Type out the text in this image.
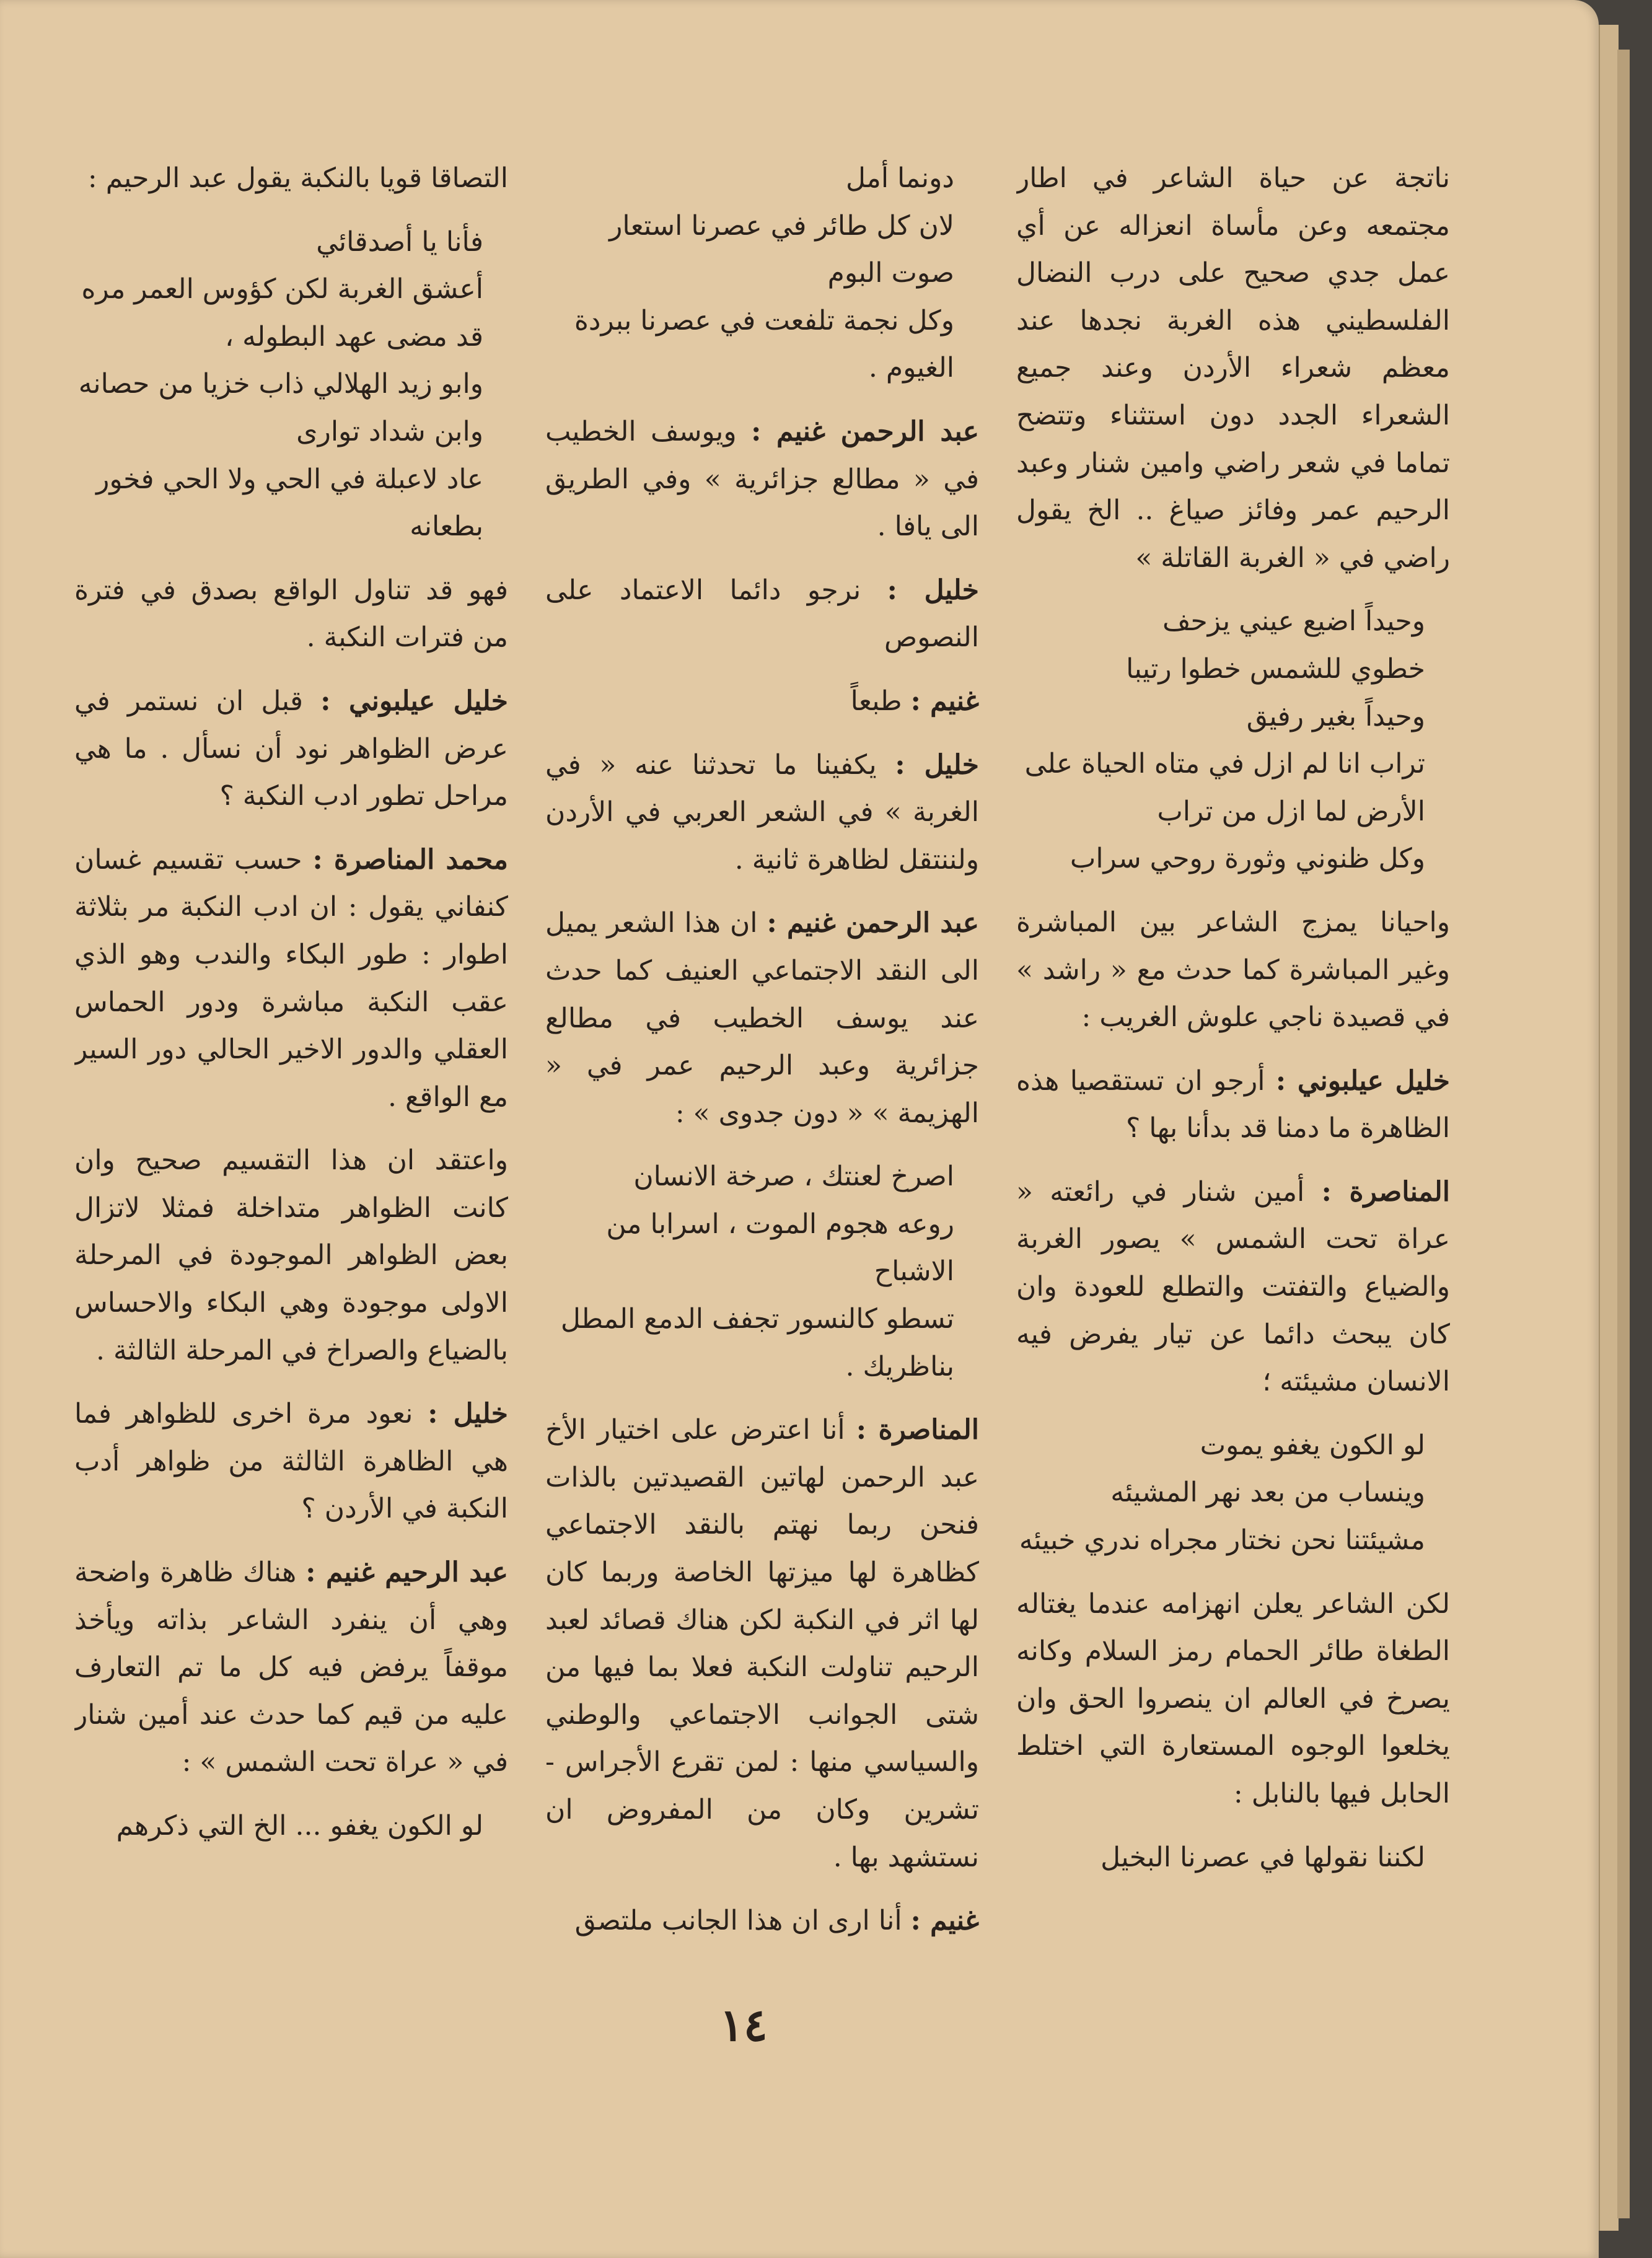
ناتجة عن حياة الشاعر في اطار مجتمعه وعن مأساة انعزاله عن أي عمل جدي صحيح على درب النضال الفلسطيني هذه الغربة نجدها عند معظم شعراء الأردن وعند جميع الشعراء الجدد دون استثناء وتتضح تماما في شعر راضي وامين شنار وعبد الرحيم عمر وفائز صياغ .. الخ يقول راضي في « الغربة القاتلة »
وحيداً اضيع عيني يزحف
خطوي للشمس خطوا رتيبا
وحيداً بغير رفيق
تراب انا لم ازل في متاه الحياة على
الأرض لما ازل من تراب
وكل ظنوني وثورة روحي سراب
واحيانا يمزج الشاعر بين المباشرة وغير المباشرة كما حدث مع « راشد » في قصيدة ناجي علوش الغريب :
خليل عيلبوني : أرجو ان تستقصيا هذه الظاهرة ما دمنا قد بدأنا بها ؟
المناصرة : أمين شنار في رائعته « عراة تحت الشمس » يصور الغربة والضياع والتفتت والتطلع للعودة وان كان يبحث دائما عن تيار يفرض فيه الانسان مشيئته ؛
لو الكون يغفو يموت
وينساب من بعد نهر المشيئه
مشيئتنا نحن نختار مجراه ندري خبيئه
لكن الشاعر يعلن انهزامه عندما يغتاله الطغاة طائر الحمام رمز السلام وكانه يصرخ في العالم ان ينصروا الحق وان يخلعوا الوجوه المستعارة التي اختلط الحابل فيها بالنابل :
لكننا نقولها في عصرنا البخيل
دونما أمل
لان كل طائر في عصرنا استعار
صوت البوم
وكل نجمة تلفعت في عصرنا ببردة
الغيوم .
عبد الرحمن غنيم : ويوسف الخطيب في « مطالع جزائرية » وفي الطريق الى يافا .
خليل : نرجو دائما الاعتماد على النصوص
غنيم : طبعاً
خليل : يكفينا ما تحدثنا عنه « في الغربة » في الشعر العربي في الأردن ولننتقل لظاهرة ثانية .
عبد الرحمن غنيم : ان هذا الشعر يميل الى النقد الاجتماعي العنيف كما حدث عند يوسف الخطيب في مطالع جزائرية وعبد الرحيم عمر في « الهزيمة » « دون جدوى » :
اصرخ لعنتك ، صرخة الانسان
روعه هجوم الموت ، اسرابا من
الاشباح
تسطو كالنسور تجفف الدمع المطل
بناظريك .
المناصرة : أنا اعترض على اختيار الأخ عبد الرحمن لهاتين القصيدتين بالذات فنحن ربما نهتم بالنقد الاجتماعي كظاهرة لها ميزتها الخاصة وربما كان لها اثر في النكبة لكن هناك قصائد لعبد الرحيم تناولت النكبة فعلا بما فيها من شتى الجوانب الاجتماعي والوطني والسياسي منها : لمن تقرع الأجراس - تشرين وكان من المفروض ان نستشهد بها .
غنيم : أنا ارى ان هذا الجانب ملتصق
التصاقا قويا بالنكبة يقول عبد الرحيم :
فأنا يا أصدقائي
أعشق الغربة لكن كؤوس العمر مره
قد مضى عهد البطوله ،
وابو زيد الهلالي ذاب خزيا من حصانه
وابن شداد توارى
عاد لاعبلة في الحي ولا الحي فخور بطعانه
فهو قد تناول الواقع بصدق في فترة من فترات النكبة .
خليل عيلبوني : قبل ان نستمر في عرض الظواهر نود أن نسأل . ما هي مراحل تطور ادب النكبة ؟
محمد المناصرة : حسب تقسيم غسان كنفاني يقول : ان ادب النكبة مر بثلاثة اطوار : طور البكاء والندب وهو الذي عقب النكبة مباشرة ودور الحماس العقلي والدور الاخير الحالي دور السير مع الواقع .
واعتقد ان هذا التقسيم صحيح وان كانت الظواهر متداخلة فمثلا لاتزال بعض الظواهر الموجودة في المرحلة الاولى موجودة وهي البكاء والاحساس بالضياع والصراخ في المرحلة الثالثة .
خليل : نعود مرة اخرى للظواهر فما هي الظاهرة الثالثة من ظواهر أدب النكبة في الأردن ؟
عبد الرحيم غنيم : هناك ظاهرة واضحة وهي أن ينفرد الشاعر بذاته ويأخذ موقفاً يرفض فيه كل ما تم التعارف عليه من قيم كما حدث عند أمين شنار في « عراة تحت الشمس » :
لو الكون يغفو ... الخ التي ذكرهم
١٤
